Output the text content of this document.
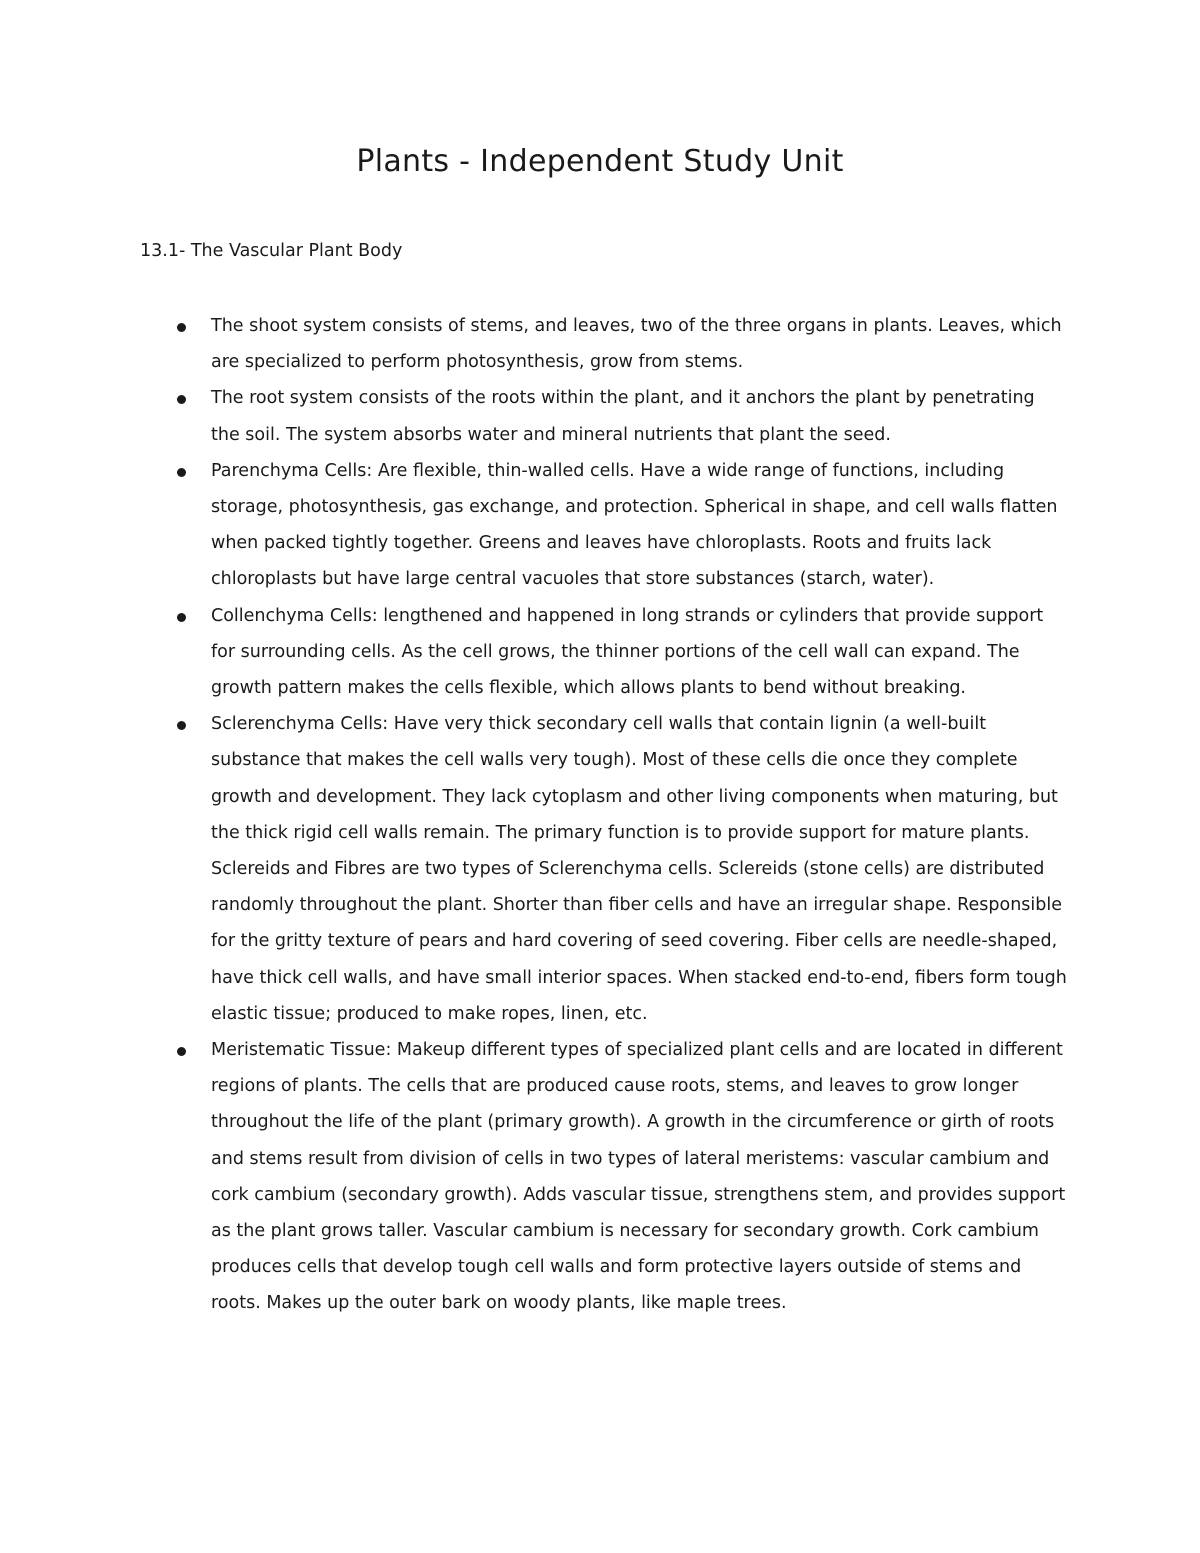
Plants - Independent Study Unit
13.1- The Vascular Plant Body
The shoot system consists of stems, and leaves, two of the three organs in plants. Leaves, which are specialized to perform photosynthesis, grow from stems.
The root system consists of the roots within the plant, and it anchors the plant by penetrating the soil. The system absorbs water and mineral nutrients that plant the seed.
Parenchyma Cells: Are flexible, thin-walled cells. Have a wide range of functions, including storage, photosynthesis, gas exchange, and protection. Spherical in shape, and cell walls flatten when packed tightly together. Greens and leaves have chloroplasts. Roots and fruits lack chloroplasts but have large central vacuoles that store substances (starch, water).
Collenchyma Cells: lengthened and happened in long strands or cylinders that provide support for surrounding cells. As the cell grows, the thinner portions of the cell wall can expand. The growth pattern makes the cells flexible, which allows plants to bend without breaking.
Sclerenchyma Cells: Have very thick secondary cell walls that contain lignin (a well-built substance that makes the cell walls very tough). Most of these cells die once they complete growth and development. They lack cytoplasm and other living components when maturing, but the thick rigid cell walls remain. The primary function is to provide support for mature plants. Sclereids and Fibres are two types of Sclerenchyma cells. Sclereids (stone cells) are distributed randomly throughout the plant. Shorter than fiber cells and have an irregular shape. Responsible for the gritty texture of pears and hard covering of seed covering. Fiber cells are needle-shaped, have thick cell walls, and have small interior spaces. When stacked end-to-end, fibers form tough elastic tissue; produced to make ropes, linen, etc.
Meristematic Tissue: Makeup different types of specialized plant cells and are located in different regions of plants. The cells that are produced cause roots, stems, and leaves to grow longer throughout the life of the plant (primary growth). A growth in the circumference or girth of roots and stems result from division of cells in two types of lateral meristems: vascular cambium and cork cambium (secondary growth). Adds vascular tissue, strengthens stem, and provides support as the plant grows taller. Vascular cambium is necessary for secondary growth. Cork cambium produces cells that develop tough cell walls and form protective layers outside of stems and roots. Makes up the outer bark on woody plants, like maple trees.
